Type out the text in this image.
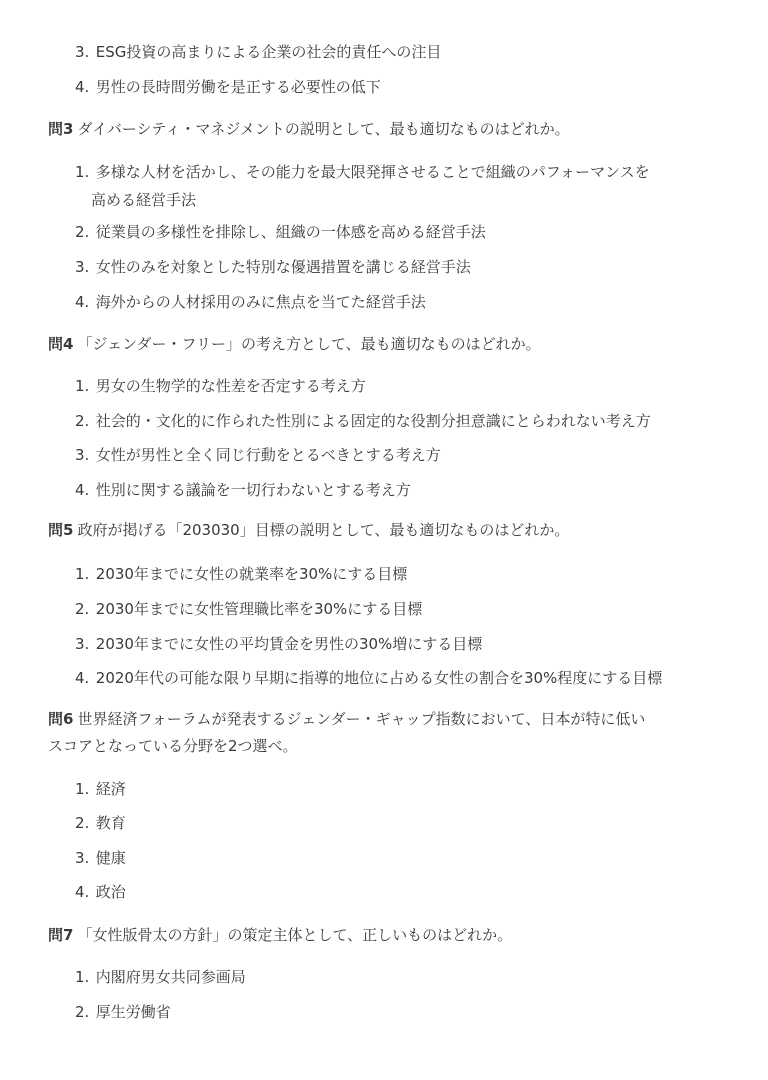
3. ESG投資の高まりによる企業の社会的責任への注目
4. 男性の長時間労働を是正する必要性の低下
問3 ダイバーシティ・マネジメントの説明として、最も適切なものはどれか。
1. 多様な人材を活かし、その能力を最大限発揮させることで組織のパフォーマンスを
高める経営手法
2. 従業員の多様性を排除し、組織の一体感を高める経営手法
3. 女性のみを対象とした特別な優遇措置を講じる経営手法
4. 海外からの人材採用のみに焦点を当てた経営手法
問4 「ジェンダー・フリー」の考え方として、最も適切なものはどれか。
1. 男女の生物学的な性差を否定する考え方
2. 社会的・文化的に作られた性別による固定的な役割分担意識にとらわれない考え方
3. 女性が男性と全く同じ行動をとるべきとする考え方
4. 性別に関する議論を一切行わないとする考え方
問5 政府が掲げる「203030」目標の説明として、最も適切なものはどれか。
1. 2030年までに女性の就業率を30%にする目標
2. 2030年までに女性管理職比率を30%にする目標
3. 2030年までに女性の平均賃金を男性の30%増にする目標
4. 2020年代の可能な限り早期に指導的地位に占める女性の割合を30%程度にする目標
問6 世界経済フォーラムが発表するジェンダー・ギャップ指数において、日本が特に低い
スコアとなっている分野を2つ選べ。
1. 経済
2. 教育
3. 健康
4. 政治
問7 「女性版骨太の方針」の策定主体として、正しいものはどれか。
1. 内閣府男女共同参画局
2. 厚生労働省
